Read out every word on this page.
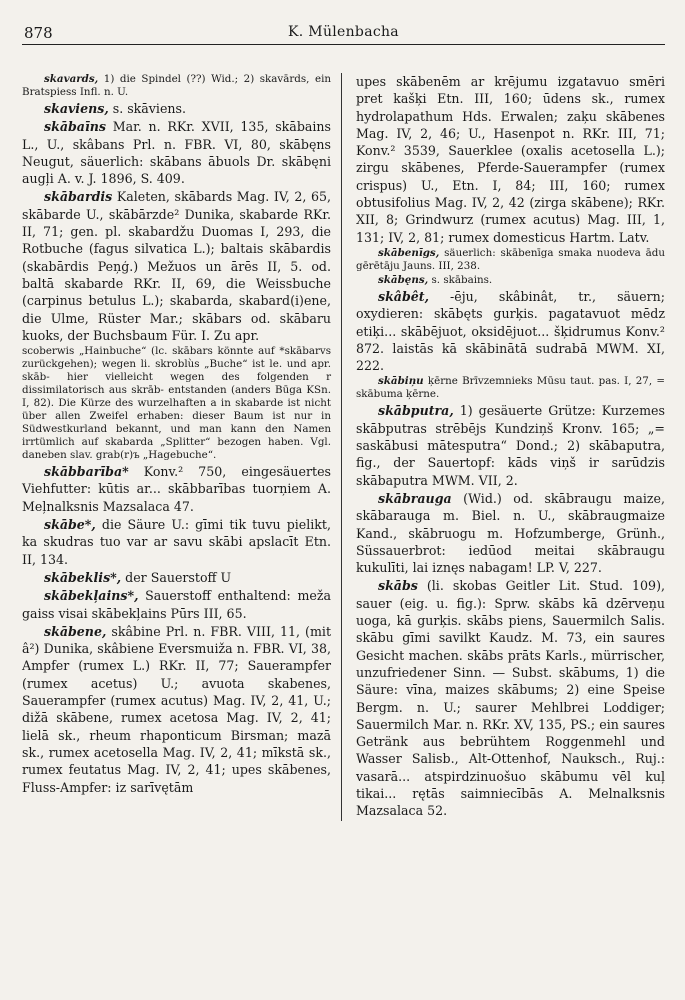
878	K. Mülenbacha

skavards, 1) die Spindel (??) Wid.; 2) skavārds, ein Bratspiess Infl. n. U.

skaviens, s. skāviens.

skābaīns Mar. n. RKr. XVII, 135, skābains L., U., skâbans Prl. n. FBR. VI, 80, skābęns Neugut, säuerlich: skābans ābuols Dr. skābęni augļi A. v. J. 1896, S. 409.

skābardis Kaleten, skābards Mag. IV, 2, 65, skābarde U., skābārzde² Dunika, skabarde RKr. II, 71; gen. pl. skabardžu Duomas I, 293, die Rotbuche (fagus silvatica L.); baltais skābardis (skabārdis Peņģ.) Mežuos un ārēs II, 5. od. baltā skabarde RKr. II, 69, die Weissbuche (carpinus betulus L.); skabarda, skabard(i)ene, die Ulme, Rüster Mar.; skābars od. skābaru kuoks, der Buchsbaum Für. I. Zu apr.

scoberwis „Hainbuche“ (lc. skābars könnte auf *skābarvs zurückgehen); wegen li. skroblùs „Buche“ ist le. und apr. skāb- hier vielleicht wegen des folgenden r dissimilatorisch aus skrāb- entstanden (anders Būga KSn. I, 82). Die Kürze des wurzelhaften a in skabarde ist nicht über allen Zweifel erhaben: dieser Baum ist nur in Südwestkurland bekannt, und man kann den Namen irrtümlich auf skabarda „Splitter“ bezogen haben. Vgl. daneben slav. grab(r)ъ „Hagebuche“.

skābbarība* Konv.² 750, eingesäuertes Viehfutter: kūtis ar... skābbarības tuorņiem A. Meļnalksnis Mazsalaca 47.

skābe*, die Säure U.: gīmi tik tuvu pielikt, ka skudras tuo var ar savu skābi apslacīt Etn. II, 134.

skābeklis*, der Sauerstoff U

skābekļains*, Sauerstoff enthaltend: meža gaiss visai skābekļains Pūrs III, 65.

skābene, skâbine Prl. n. FBR. VIII, 11, (mit â²) Dunika, skâbiene Eversmuiža n. FBR. VI, 38, Ampfer (rumex L.) RKr. II, 77; Sauerampfer (rumex acetus) U.; avuota skabenes, Sauerampfer (rumex acutus) Mag. IV, 2, 41, U.; dižā skābene, rumex acetosa Mag. IV, 2, 41; lielā sk., rheum rhaponticum Birsman; mazā sk., rumex acetosella Mag. IV, 2, 41; mīkstā sk., rumex feutatus Mag. IV, 2, 41; upes skābenes, Fluss-Ampfer: iz sarīvętām

upes skābenēm ar krējumu izgatavuo smēri pret kašķi Etn. III, 160; ūdens sk., rumex hydrolapathum Hds. Erwalen; zaķu skābenes Mag. IV, 2, 46; U., Hasenpot n. RKr. III, 71; Konv.² 3539, Sauerklee (oxalis acetosella L.); zirgu skābenes, Pferde-Sauerampfer (rumex crispus) U., Etn. I, 84; III, 160; rumex obtusifolius Mag. IV, 2, 42 (zirga skābene); RKr. XII, 8; Grindwurz (rumex acutus) Mag. III, 1, 131; IV, 2, 81; rumex domesticus Hartm. Latv.

skābenīgs, säuerlich: skābenīga smaka nuodeva ādu gērētāju Jauns. III, 238.

skābęns, s. skābains.

skâbêt, -ēju, skâbinât, tr., säuern; oxydieren: skābęts gurķis. pagatavuot mēdz etiķi... skābējuot, oksidējuot... šķidrumus Konv.² 872. laistās kā skābinātā sudrabā MWM. XI, 222.

skābiņu ķērne Brīvzemnieks Mūsu taut. pas. I, 27, = skābuma ķērne.

skābputra, 1) gesäuerte Grütze: Kurzemes skābputras strēbējs Kundziņš Kronv. 165; „= saskābusi mātesputra“ Dond.; 2) skābaputra, fig., der Sauertopf: kāds viņš ir sarūdzis skābaputra MWM. VII, 2.

skābrauga (Wid.) od. skābraugu maize, skābarauga m. Biel. n. U., skābraugmaize Kand., skābruogu m. Hofzumberge, Grünh., Süssauerbrot: iedūod meitai skābraugu kukulīti, lai iznęs nabagam! LP. V, 227.

skābs (li. skobas Geitler Lit. Stud. 109), sauer (eig. u. fig.): Sprw. skābs kā dzērveņu uoga, kā gurķis. skābs piens, Sauermilch Salis. skābu gīmi savilkt Kaudz. M. 73, ein saures Gesicht machen. skābs prāts Karls., mürrischer, unzufriedener Sinn. — Subst. skābums, 1) die Säure: vīna, maizes skābums; 2) eine Speise Bergm. n. U.; saurer Mehlbrei Loddiger; Sauermilch Mar. n. RKr. XV, 135, PS.; ein saures Getränk aus bebrühtem Roggenmehl und Wasser Salisb., Alt-Ottenhof, Nauksch., Ruj.: vasarā... atspirdzinuošuo skābumu vēl kuļ tikai... rętās saimniecībās A. Melnalksnis Mazsalaca 52.
